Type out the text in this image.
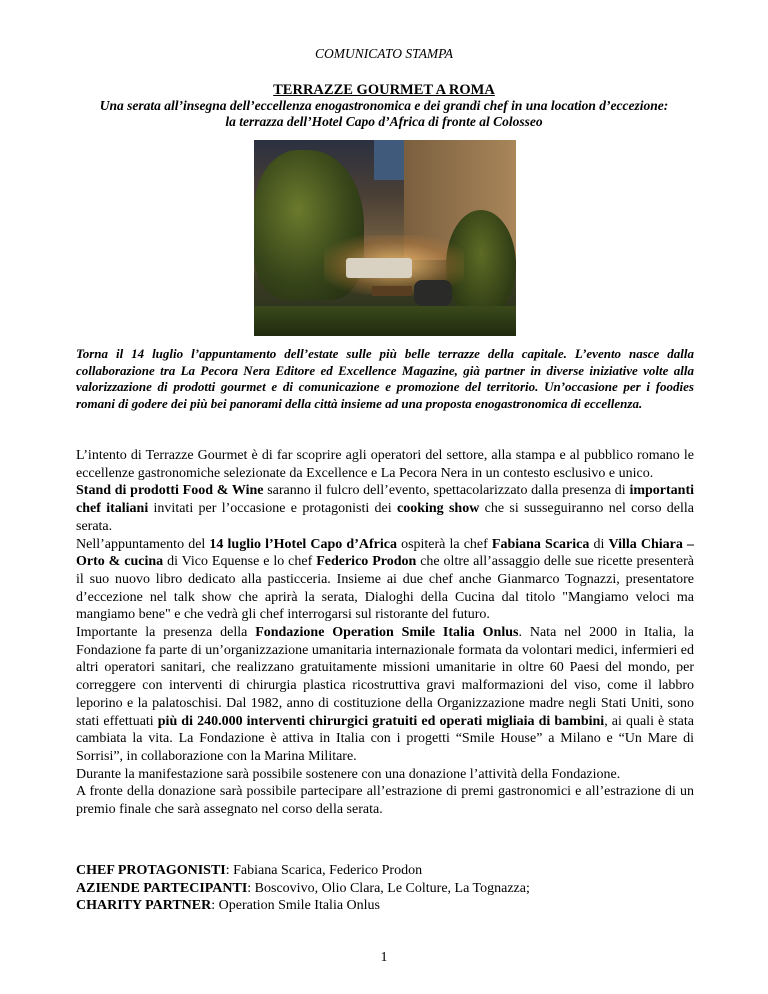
COMUNICATO STAMPA
TERRAZZE GOURMET A ROMA
Una serata all’insegna dell’eccellenza enogastronomica e dei grandi chef in una location d’eccezione:
la terrazza dell’Hotel Capo d’Africa di fronte al Colosseo
Torna il 14 luglio l’appuntamento dell’estate sulle più belle terrazze della capitale. L’evento nasce dalla collaborazione tra La Pecora Nera Editore ed Excellence Magazine, già partner in diverse iniziative volte alla valorizzazione di prodotti gourmet e di comunicazione e promozione del territorio. Un’occasione per i foodies romani di godere dei più bei panorami della città insieme ad una proposta enogastronomica di eccellenza.

L’intento di Terrazze Gourmet è di far scoprire agli operatori del settore, alla stampa e al pubblico romano le eccellenze gastronomiche selezionate da Excellence e La Pecora Nera in un contesto esclusivo e unico.

Stand di prodotti Food & Wine saranno il fulcro dell’evento, spettacolarizzato dalla presenza di importanti chef italiani invitati per l’occasione e protagonisti dei cooking show che si susseguiranno nel corso della serata.

Nell’appuntamento del 14 luglio l’Hotel Capo d’Africa ospiterà la chef Fabiana Scarica di Villa Chiara – Orto & cucina di Vico Equense e lo chef Federico Prodon che oltre all’assaggio delle sue ricette presenterà il suo nuovo libro dedicato alla pasticceria. Insieme ai due chef anche Gianmarco Tognazzi, presentatore d’eccezione nel talk show che aprirà la serata, Dialoghi della Cucina dal titolo "Mangiamo veloci ma mangiamo bene" e che vedrà gli chef interrogarsi sul ristorante del futuro.

Importante la presenza della Fondazione Operation Smile Italia Onlus. Nata nel 2000 in Italia, la Fondazione fa parte di un’organizzazione umanitaria internazionale formata da volontari medici, infermieri ed altri operatori sanitari, che realizzano gratuitamente missioni umanitarie in oltre 60 Paesi del mondo, per correggere con interventi di chirurgia plastica ricostruttiva gravi malformazioni del viso, come il labbro leporino e la palatoschisi. Dal 1982, anno di costituzione della Organizzazione madre negli Stati Uniti, sono stati effettuati più di 240.000 interventi chirurgici gratuiti ed operati migliaia di bambini, ai quali è stata cambiata la vita. La Fondazione è attiva in Italia con i progetti “Smile House” a Milano e “Un Mare di Sorrisi”, in collaborazione con la Marina Militare.

Durante la manifestazione sarà possibile sostenere con una donazione l’attività della Fondazione.

A fronte della donazione sarà possibile partecipare all’estrazione di premi gastronomici e all’estrazione di un premio finale che sarà assegnato nel corso della serata.

CHEF PROTAGONISTI: Fabiana Scarica, Federico Prodon

AZIENDE PARTECIPANTI: Boscovivo, Olio Clara, Le Colture, La Tognazza;

CHARITY PARTNER: Operation Smile Italia Onlus

1
